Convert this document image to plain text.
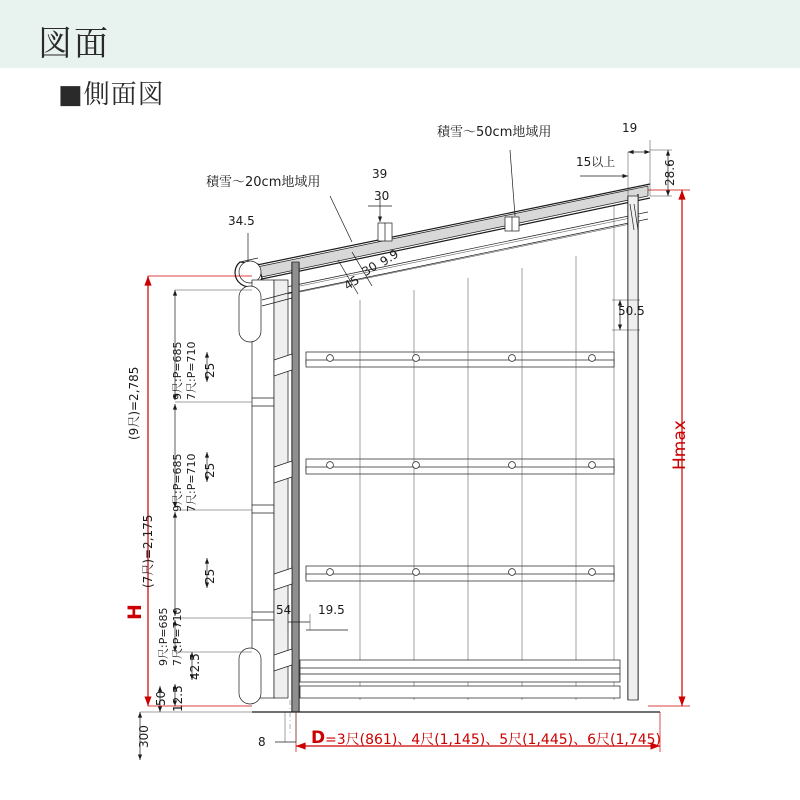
図面
■側面図
積雪〜50cm地域用
積雪〜20cm地域用
34.5
39
30
45
30
9.9
19
15以上	28.6
50.5
Hmax
25
25
25
9尺:P=685 7尺:P=710
9尺:P=685 7尺:P=710
9尺:P=685 7尺:P=710
H
(7尺)=2,175
(9尺)=2,785
42.5
12.5
50
300
54 19.5
8	D =3尺(861)、4尺(1,145)、5尺(1,445)、6尺(1,745)
